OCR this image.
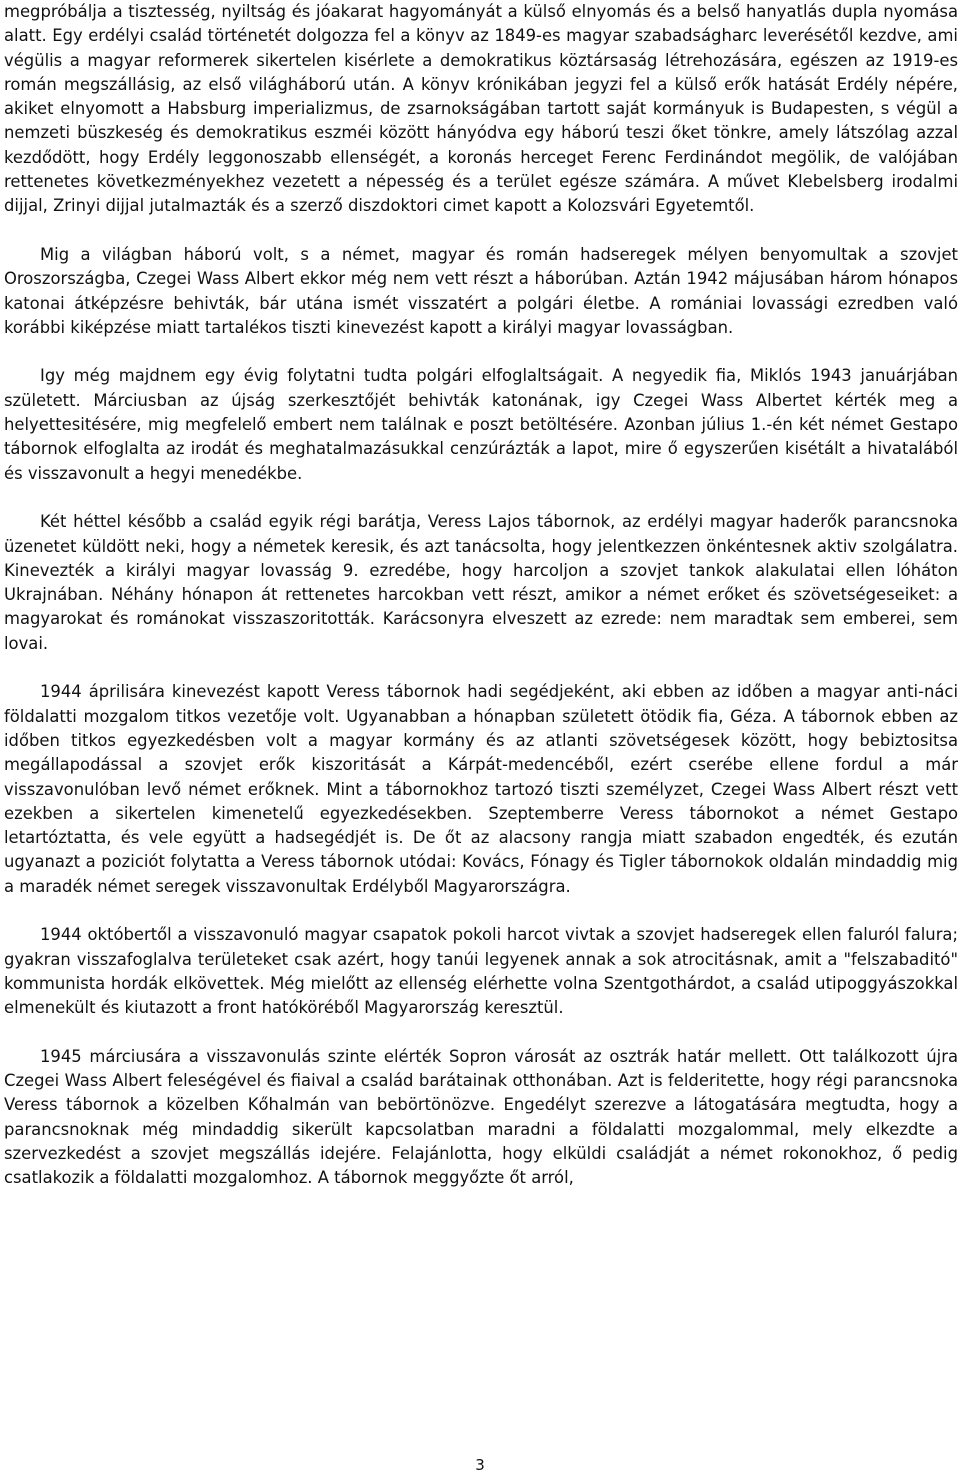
megpróbálja a tisztesség, nyiltság és jóakarat hagyományát a külső elnyomás és a belső hanyatlás dupla nyomása alatt. Egy erdélyi család történetét dolgozza fel a könyv az 1849-es magyar szabadságharc leverésétől kezdve, ami végülis a magyar reformerek sikertelen kisérlete a demokratikus köztársaság létrehozására, egészen az 1919-es román megszállásig, az első világháború után. A könyv krónikában jegyzi fel a külső erők hatását Erdély népére, akiket elnyomott a Habsburg imperializmus, de zsarnokságában tartott saját kormányuk is Budapesten, s végül a nemzeti büszkeség és demokratikus eszméi között hányódva egy háború teszi őket tönkre, amely látszólag azzal kezdődött, hogy Erdély leggonoszabb ellenségét, a koronás herceget Ferenc Ferdinándot megölik, de valójában rettenetes következményekhez vezetett a népesség és a terület egésze számára. A művet Klebelsberg irodalmi dijjal, Zrinyi dijjal jutalmazták és a szerző diszdoktori cimet kapott a Kolozsvári Egyetemtől.

Mig a világban háború volt, s a német, magyar és román hadseregek mélyen benyomultak a szovjet Oroszországba, Czegei Wass Albert ekkor még nem vett részt a háborúban. Aztán 1942 májusában három hónapos katonai átképzésre behivták, bár utána ismét visszatért a polgári életbe. A romániai lovassági ezredben való korábbi kiképzése miatt tartalékos tiszti kinevezést kapott a királyi magyar lovasságban.

Igy még majdnem egy évig folytatni tudta polgári elfoglaltságait. A negyedik fia, Miklós 1943 januárjában született. Márciusban az újság szerkesztőjét behivták katonának, igy Czegei Wass Albertet kérték meg a helyettesitésére, mig megfelelő embert nem találnak e poszt betöltésére. Azonban július 1.-én két német Gestapo tábornok elfoglalta az irodát és meghatalmazásukkal cenzúrázták a lapot, mire ő egyszerűen kisétált a hivatalából és visszavonult a hegyi menedékbe.

Két héttel később a család egyik régi barátja, Veress Lajos tábornok, az erdélyi magyar haderők parancsnoka üzenetet küldött neki, hogy a németek keresik, és azt tanácsolta, hogy jelentkezzen önkéntesnek aktiv szolgálatra. Kinevezték a királyi magyar lovasság 9. ezredébe, hogy harcoljon a szovjet tankok alakulatai ellen lóháton Ukrajnában. Néhány hónapon át rettenetes harcokban vett részt, amikor a német erőket és szövetségeseiket: a magyarokat és románokat visszaszoritották. Karácsonyra elveszett az ezrede: nem maradtak sem emberei, sem lovai.

1944 áprilisára kinevezést kapott Veress tábornok hadi segédjeként, aki ebben az időben a magyar anti-náci földalatti mozgalom titkos vezetője volt. Ugyanabban a hónapban született ötödik fia, Géza. A tábornok ebben az időben titkos egyezkedésben volt a magyar kormány és az atlanti szövetségesek között, hogy bebiztositsa megállapodással a szovjet erők kiszoritását a Kárpát-medencéből, ezért cserébe ellene fordul a már visszavonulóban levő német erőknek. Mint a tábornokhoz tartozó tiszti személyzet, Czegei Wass Albert részt vett ezekben a sikertelen kimenetelű egyezkedésekben. Szeptemberre Veress tábornokot a német Gestapo letartóztatta, és vele együtt a hadsegédjét is. De őt az alacsony rangja miatt szabadon engedték, és ezután ugyanazt a poziciót folytatta a Veress tábornok utódai: Kovács, Fónagy és Tigler tábornokok oldalán mindaddig mig a maradék német seregek visszavonultak Erdélyből Magyarországra.

1944 októbertől a visszavonuló magyar csapatok pokoli harcot vivtak a szovjet hadseregek ellen faluról falura; gyakran visszafoglalva területeket csak azért, hogy tanúi legyenek annak a sok atrocitásnak, amit a "felszabaditó" kommunista hordák elkövettek. Még mielőtt az ellenség elérhette volna Szentgothárdot, a család utipoggyászokkal elmenekült és kiutazott a front hatóköréből Magyarország keresztül.

1945 márciusára a visszavonulás szinte elérték Sopron városát az osztrák határ mellett. Ott találkozott újra Czegei Wass Albert feleségével és fiaival a család barátainak otthonában. Azt is felderitette, hogy régi parancsnoka Veress tábornok a közelben Kőhalmán van bebörtönözve. Engedélyt szerezve a látogatására megtudta, hogy a parancsnoknak még mindaddig sikerült kapcsolatban maradni a földalatti mozgalommal, mely elkezdte a szervezkedést a szovjet megszállás idejére. Felajánlotta, hogy elküldi családját a német rokonokhoz, ő pedig csatlakozik a földalatti mozgalomhoz. A tábornok meggyőzte őt arról,

3
